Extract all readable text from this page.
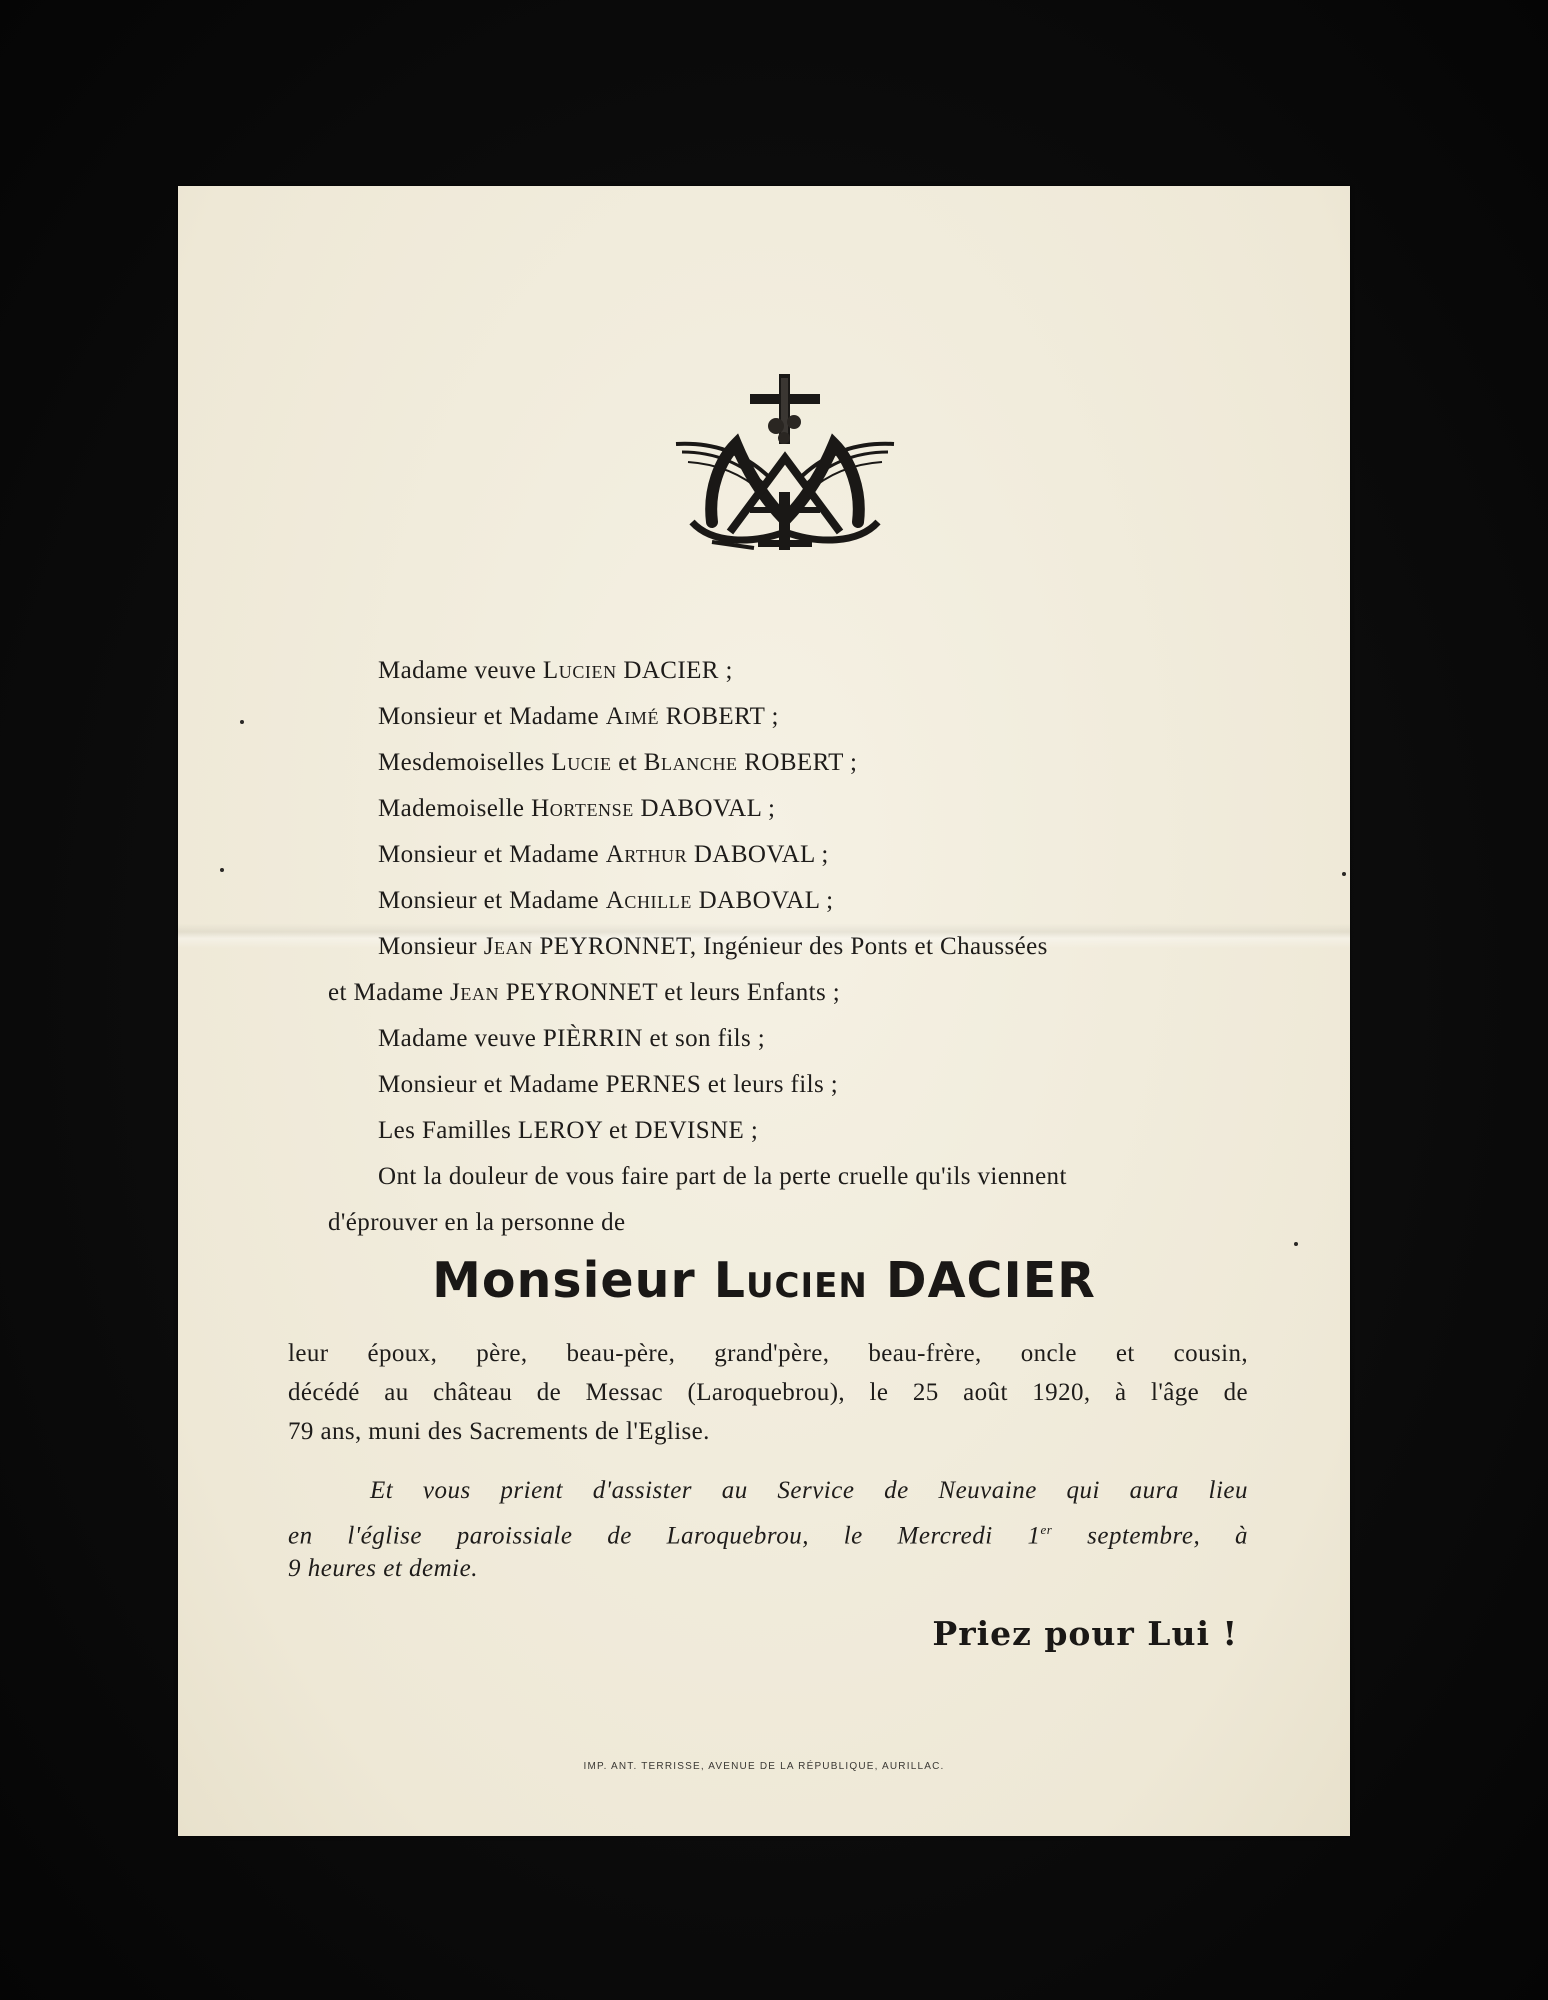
Madame veuve Lucien DACIER ;
Monsieur et Madame Aimé ROBERT ;
Mesdemoiselles Lucie et Blanche ROBERT ;
Mademoiselle Hortense DABOVAL ;
Monsieur et Madame Arthur DABOVAL ;
Monsieur et Madame Achille DABOVAL ;
Monsieur Jean PEYRONNET, Ingénieur des Ponts et Chaussées
et Madame Jean PEYRONNET et leurs Enfants ;
Madame veuve PIÈRRIN et son fils ;
Monsieur et Madame PERNES et leurs fils ;
Les Familles LEROY et DEVISNE ;
Ont la douleur de vous faire part de la perte cruelle qu'ils viennent
d'éprouver en la personne de
Monsieur Lucien DACIER
leur époux, père, beau-père, grand'père, beau-frère, oncle et cousin,
décédé au château de Messac (Laroquebrou), le 25 août 1920, à l'âge de
79 ans, muni des Sacrements de l'Eglise.
Et vous prient d'assister au Service de Neuvaine qui aura lieu
en l'église paroissiale de Laroquebrou, le Mercredi 1er septembre, à
9 heures et demie.
Priez pour Lui !
IMP. ANT. TERRISSE, AVENUE DE LA RÉPUBLIQUE, AURILLAC.
